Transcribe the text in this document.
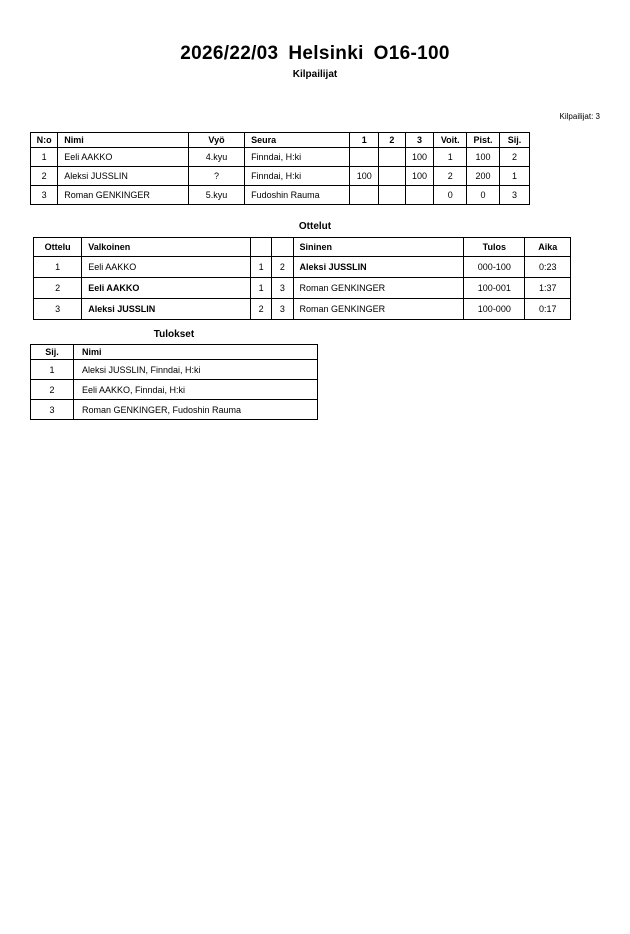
2026/22/03 Helsinki O16-100
Kilpailijat
Kilpailijat: 3
N:o	Nimi	Vyö	Seura	1	2	3	Voit.	Pist.	Sij.
1	Eeli AAKKO	4.kyu	Finndai, H:ki			100	1	100	2
2	Aleksi JUSSLIN	?	Finndai, H:ki	100		100	2	200	1
3	Roman GENKINGER	5.kyu	Fudoshin Rauma				0	0	3
Ottelut
Ottelu	Valkoinen			Sininen	Tulos	Aika
1	Eeli AAKKO	1	2	Aleksi JUSSLIN	000-100	0:23
2	Eeli AAKKO	1	3	Roman GENKINGER	100-001	1:37
3	Aleksi JUSSLIN	2	3	Roman GENKINGER	100-000	0:17
Tulokset
Sij.	Nimi
1	Aleksi JUSSLIN, Finndai, H:ki
2	Eeli AAKKO, Finndai, H:ki
3	Roman GENKINGER, Fudoshin Rauma
